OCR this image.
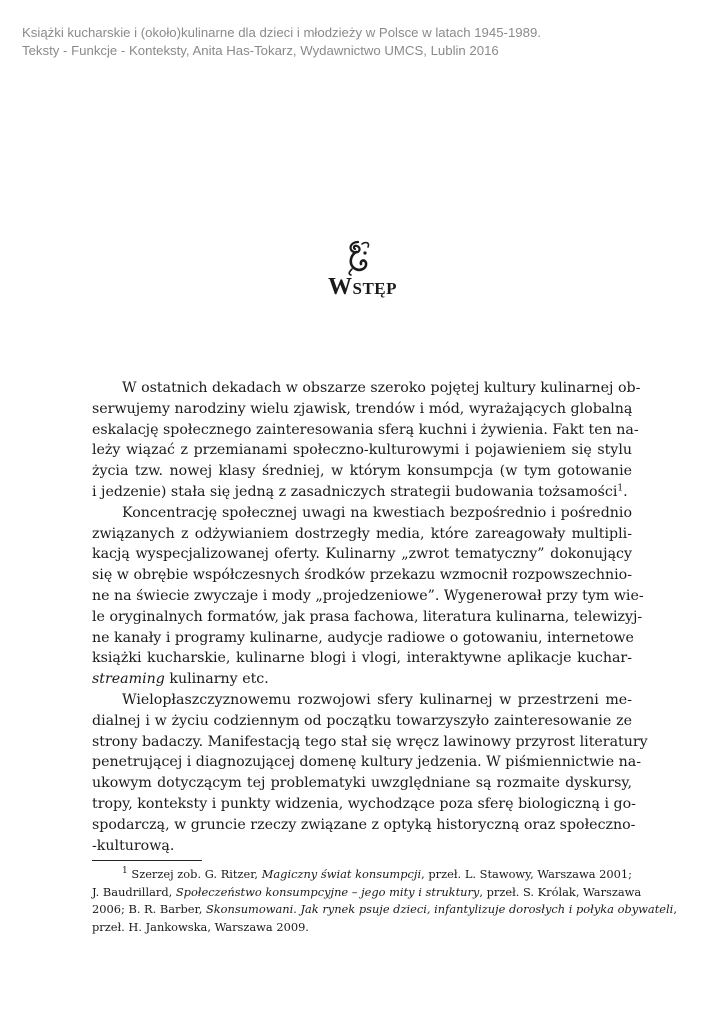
Książki kucharskie i (około)kulinarne dla dzieci i młodzieży w Polsce w latach 1945-1989.
Teksty - Funkcje - Konteksty, Anita Has-Tokarz, Wydawnictwo UMCS, Lublin 2016
Wstęp
W ostatnich dekadach w obszarze szeroko pojętej kultury kulinarnej ob-
serwujemy narodziny wielu zjawisk, trendów i mód, wyrażających globalną
eskalację społecznego zainteresowania sferą kuchni i żywienia. Fakt ten na-
leży wiązać z przemianami społeczno-kulturowymi i pojawieniem się stylu
życia tzw. nowej klasy średniej, w którym konsumpcja (w tym gotowanie
i jedzenie) stała się jedną z zasadniczych strategii budowania tożsamości$^1$.
Koncentrację społecznej uwagi na kwestiach bezpośrednio i pośrednio
związanych z odżywianiem dostrzegły media, które zareagowały multipli-
kacją wyspecjalizowanej oferty. Kulinarny „zwrot tematyczny” dokonujący
się w obrębie współczesnych środków przekazu wzmocnił rozpowszechnio-
ne na świecie zwyczaje i mody „projedzeniowe”. Wygenerował przy tym wie-
le oryginalnych formatów, jak prasa fachowa, literatura kulinarna, telewizyj-
ne kanały i programy kulinarne, audycje radiowe o gotowaniu, internetowe
książki kucharskie, kulinarne blogi i vlogi, interaktywne aplikacje kuchar-
streaming kulinarny etc.
Wielopłaszczyznowemu rozwojowi sfery kulinarnej w przestrzeni me-
dialnej i w życiu codziennym od początku towarzyszyło zainteresowanie ze
strony badaczy. Manifestacją tego stał się wręcz lawinowy przyrost literatury
penetrującej i diagnozującej domenę kultury jedzenia. W piśmiennictwie na-
ukowym dotyczącym tej problematyki uwzględniane są rozmaite dyskursy,
tropy, konteksty i punkty widzenia, wychodzące poza sferę biologiczną i go-
spodarczą, w gruncie rzeczy związane z optyką historyczną oraz społeczno-
-kulturową.
$^1$ Szerzej zob. G. Ritzer, Magiczny świat konsumpcji, przeł. L. Stawowy, Warszawa 2001;
J. Baudrillard, Społeczeństwo konsumpcyjne – jego mity i struktury, przeł. S. Królak, Warszawa
2006; B. R. Barber, Skonsumowani. Jak rynek psuje dzieci, infantylizuje dorosłych i połyka obywateli,
przeł. H. Jankowska, Warszawa 2009.
